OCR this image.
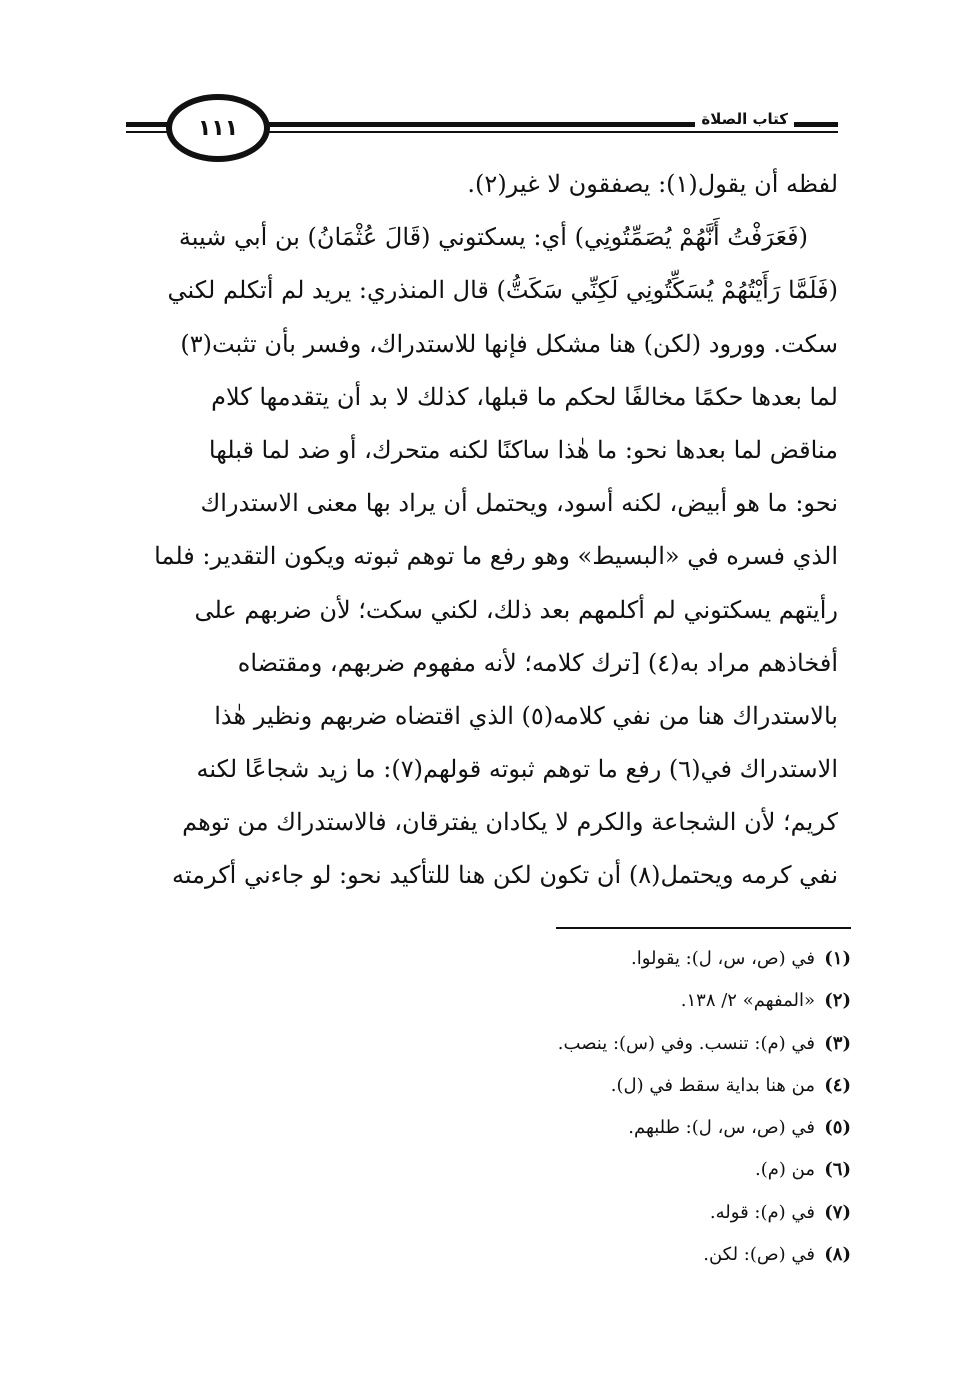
١١١	كتاب الصلاة
لفظه أن يقول(١): يصفقون لا غير(٢).
(فَعَرَفْتُ أَنَّهُمْ يُصَمِّتُونِي) أي: يسكتوني (قَالَ عُثْمَانُ) بن أبي شيبة
(فَلَمَّا رَأَيْتُهُمْ يُسَكِّتُونِي لَكِنِّي سَكَتُّ) قال المنذري: يريد لم أتكلم لكني
سكت. وورود (لكن) هنا مشكل فإنها للاستدراك، وفسر بأن تثبت(٣)
لما بعدها حكمًا مخالفًا لحكم ما قبلها، كذلك لا بد أن يتقدمها كلام
مناقض لما بعدها نحو: ما هٰذا ساكنًا لكنه متحرك، أو ضد لما قبلها
نحو: ما هو أبيض، لكنه أسود، ويحتمل أن يراد بها معنى الاستدراك
الذي فسره في «البسيط» وهو رفع ما توهم ثبوته ويكون التقدير: فلما
رأيتهم يسكتوني لم أكلمهم بعد ذلك، لكني سكت؛ لأن ضربهم على
أفخاذهم مراد به(٤) [ترك كلامه؛ لأنه مفهوم ضربهم، ومقتضاه
بالاستدراك هنا من نفي كلامه(٥) الذي اقتضاه ضربهم ونظير هٰذا
الاستدراك في(٦) رفع ما توهم ثبوته قولهم(٧): ما زيد شجاعًا لكنه
كريم؛ لأن الشجاعة والكرم لا يكادان يفترقان، فالاستدراك من توهم
نفي كرمه ويحتمل(٨) أن تكون لكن هنا للتأكيد نحو: لو جاءني أكرمته
(١)في (ص، س، ل): يقولوا.
(٢)«المفهم» ٢/ ١٣٨.
(٣)في (م): تنسب. وفي (س): ينصب.
(٤)من هنا بداية سقط في (ل).
(٥)في (ص، س، ل): طلبهم.
(٦)من (م).
(٧)في (م): قوله.
(٨)في (ص): لكن.
